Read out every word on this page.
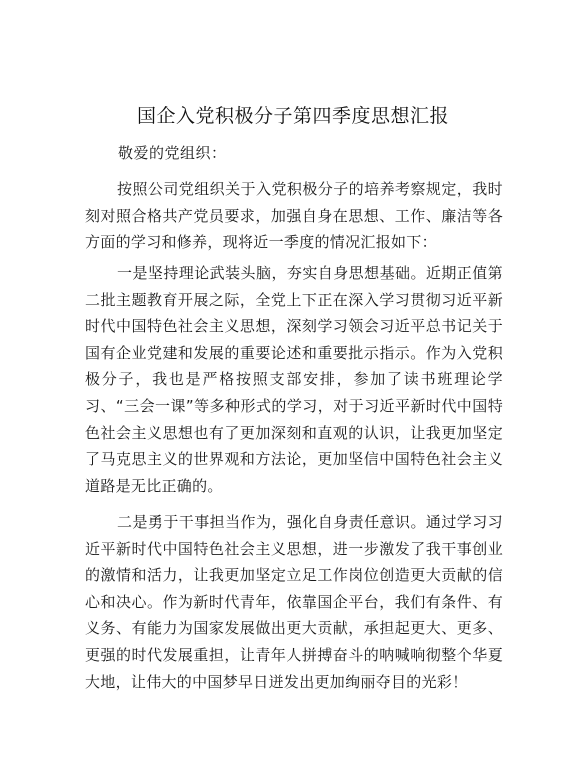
国企入党积极分子第四季度思想汇报
敬爱的党组织：

按照公司党组织关于入党积极分子的培养考察规定，我时刻对照合格共产党员要求，加强自身在思想、工作、廉洁等各方面的学习和修养，现将近一季度的情况汇报如下：

一是坚持理论武装头脑，夯实自身思想基础。近期正值第二批主题教育开展之际，全党上下正在深入学习贯彻习近平新时代中国特色社会主义思想，深刻学习领会习近平总书记关于国有企业党建和发展的重要论述和重要批示指示。作为入党积极分子，我也是严格按照支部安排，参加了读书班理论学习、“三会一课”等多种形式的学习，对于习近平新时代中国特色社会主义思想也有了更加深刻和直观的认识，让我更加坚定了马克思主义的世界观和方法论，更加坚信中国特色社会主义道路是无比正确的。

二是勇于干事担当作为，强化自身责任意识。通过学习习近平新时代中国特色社会主义思想，进一步激发了我干事创业的激情和活力，让我更加坚定立足工作岗位创造更大贡献的信心和决心。作为新时代青年，依靠国企平台，我们有条件、有义务、有能力为国家发展做出更大贡献，承担起更大、更多、更强的时代发展重担，让青年人拼搏奋斗的呐喊响彻整个华夏大地，让伟大的中国梦早日迸发出更加绚丽夺目的光彩！
